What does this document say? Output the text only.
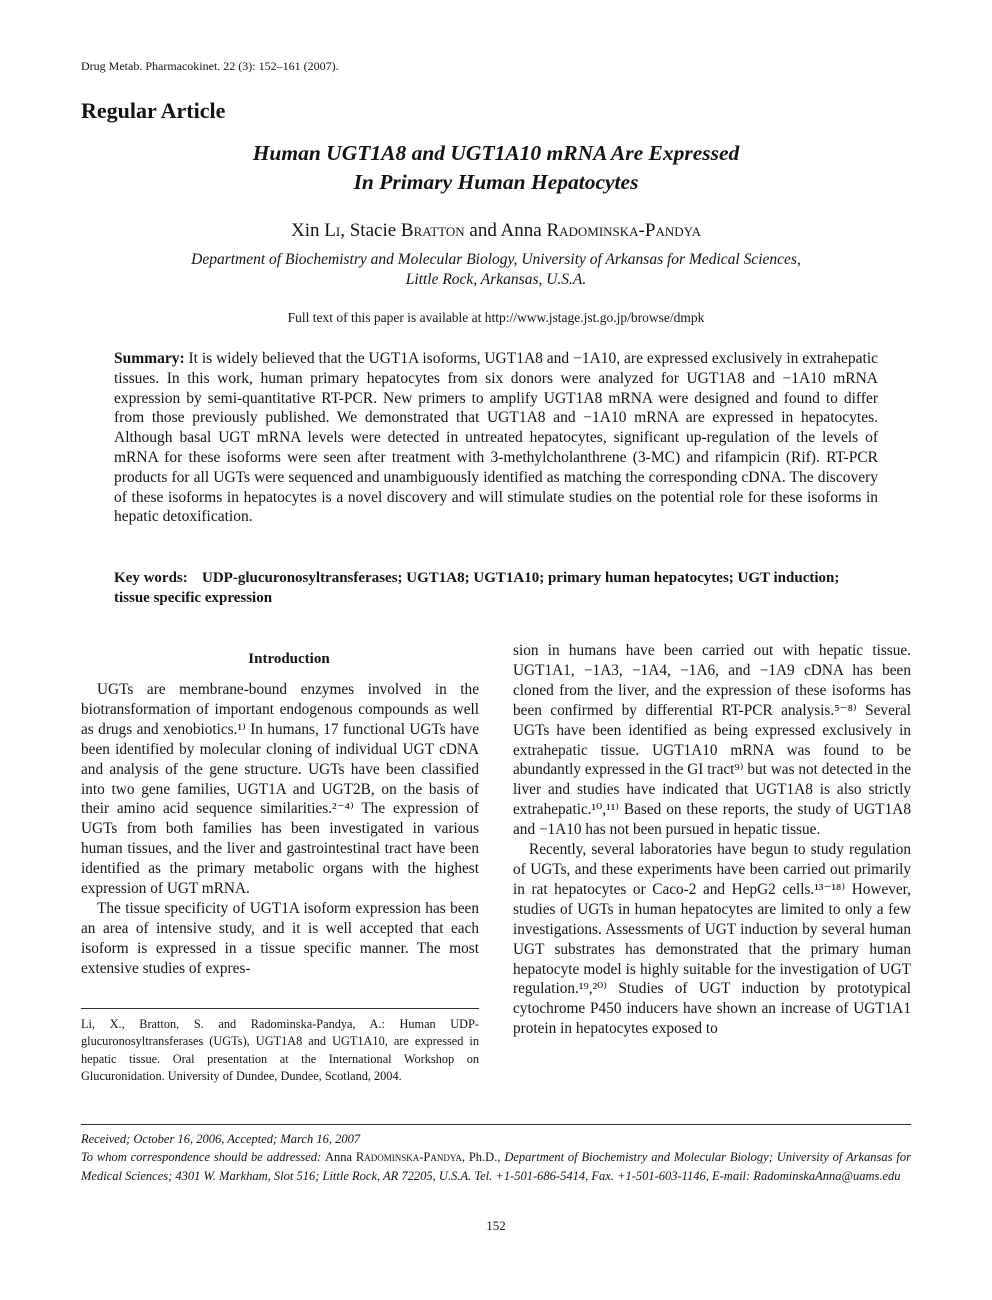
Drug Metab. Pharmacokinet. 22 (3): 152–161 (2007).
Regular Article
Human UGT1A8 and UGT1A10 mRNA Are Expressed
In Primary Human Hepatocytes
Xin Li, Stacie Bratton and Anna Radominska-Pandya
Department of Biochemistry and Molecular Biology, University of Arkansas for Medical Sciences,
Little Rock, Arkansas, U.S.A.
Full text of this paper is available at http://www.jstage.jst.go.jp/browse/dmpk
Summary: It is widely believed that the UGT1A isoforms, UGT1A8 and −1A10, are expressed exclusively in extrahepatic tissues. In this work, human primary hepatocytes from six donors were analyzed for UGT1A8 and −1A10 mRNA expression by semi-quantitative RT-PCR. New primers to amplify UGT1A8 mRNA were designed and found to differ from those previously published. We demonstrated that UGT1A8 and −1A10 mRNA are expressed in hepatocytes. Although basal UGT mRNA levels were detected in untreated hepatocytes, significant up-regulation of the levels of mRNA for these isoforms were seen after treatment with 3-methylcholanthrene (3-MC) and rifampicin (Rif). RT-PCR products for all UGTs were sequenced and unambiguously identified as matching the corresponding cDNA. The discovery of these isoforms in hepatocytes is a novel discovery and will stimulate studies on the potential role for these isoforms in hepatic detoxification.
Key words: UDP-glucuronosyltransferases; UGT1A8; UGT1A10; primary human hepatocytes; UGT induction; tissue specific expression
Introduction

UGTs are membrane-bound enzymes involved in the biotransformation of important endogenous compounds as well as drugs and xenobiotics.¹⁾ In humans, 17 functional UGTs have been identified by molecular cloning of individual UGT cDNA and analysis of the gene structure. UGTs have been classified into two gene families, UGT1A and UGT2B, on the basis of their amino acid sequence similarities.²⁻⁴⁾ The expression of UGTs from both families has been investigated in various human tissues, and the liver and gastrointestinal tract have been identified as the primary metabolic organs with the highest expression of UGT mRNA.

The tissue specificity of UGT1A isoform expression has been an area of intensive study, and it is well accepted that each isoform is expressed in a tissue specific manner. The most extensive studies of expres-

Li, X., Bratton, S. and Radominska-Pandya, A.: Human UDP-glucuronosyltransferases (UGTs), UGT1A8 and UGT1A10, are expressed in hepatic tissue. Oral presentation at the International Workshop on Glucuronidation. University of Dundee, Dundee, Scotland, 2004.

sion in humans have been carried out with hepatic tissue. UGT1A1, −1A3, −1A4, −1A6, and −1A9 cDNA has been cloned from the liver, and the expression of these isoforms has been confirmed by differential RT-PCR analysis.⁵⁻⁸⁾ Several UGTs have been identified as being expressed exclusively in extrahepatic tissue. UGT1A10 mRNA was found to be abundantly expressed in the GI tract⁹⁾ but was not detected in the liver and studies have indicated that UGT1A8 is also strictly extrahepatic.¹⁰,¹¹⁾ Based on these reports, the study of UGT1A8 and −1A10 has not been pursued in hepatic tissue.

Recently, several laboratories have begun to study regulation of UGTs, and these experiments have been carried out primarily in rat hepatocytes or Caco-2 and HepG2 cells.¹³⁻¹⁸⁾ However, studies of UGTs in human hepatocytes are limited to only a few investigations. Assessments of UGT induction by several human UGT substrates has demonstrated that the primary human hepatocyte model is highly suitable for the investigation of UGT regulation.¹⁹,²⁰⁾ Studies of UGT induction by prototypical cytochrome P450 inducers have shown an increase of UGT1A1 protein in hepatocytes exposed to

Received; October 16, 2006, Accepted; March 16, 2007
To whom correspondence should be addressed: Anna Radominska-Pandya, Ph.D., Department of Biochemistry and Molecular Biology; University of Arkansas for Medical Sciences; 4301 W. Markham, Slot 516; Little Rock, AR 72205, U.S.A. Tel. +1-501-686-5414, Fax. +1-501-603-1146, E-mail: RadominskaAnna@uams.edu
152
